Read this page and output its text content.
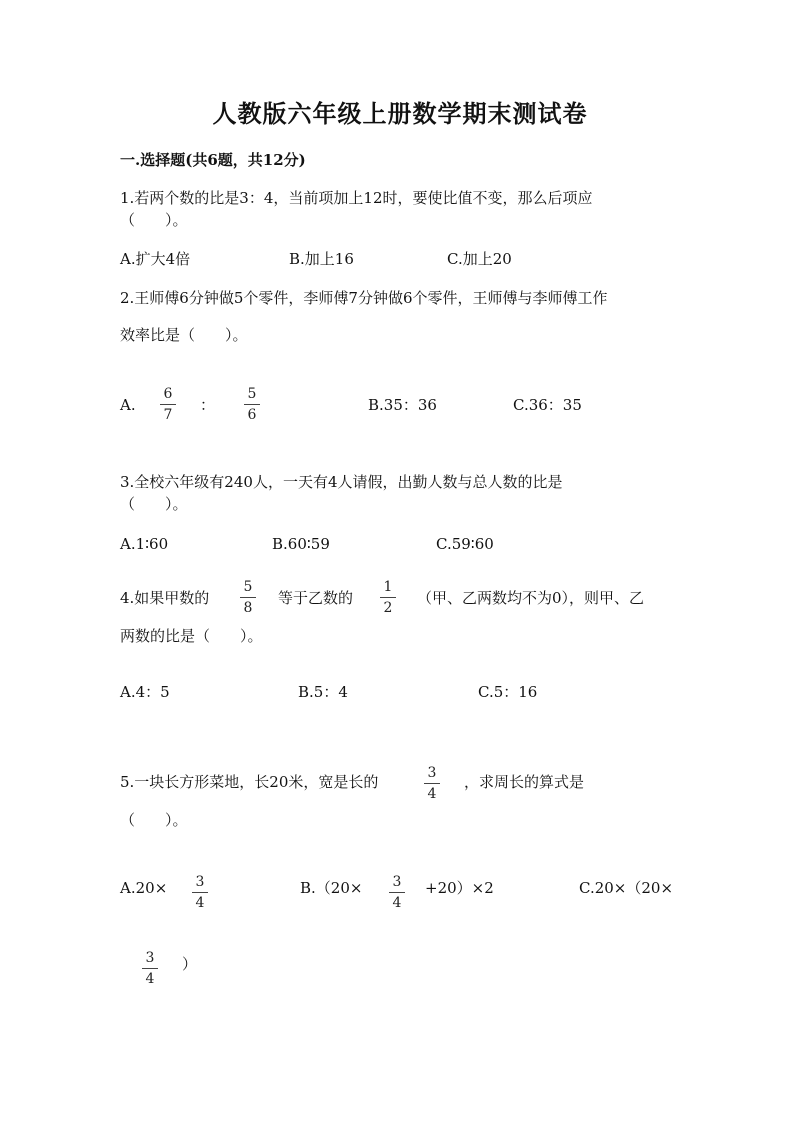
人教版六年级上册数学期末测试卷
一.选择题(共6题，共12分)
1.若两个数的比是3：4，当前项加上12时，要使比值不变，那么后项应
（　　）。
A.扩大4倍	B.加上16	C.加上20
2.王师傅6分钟做5个零件，李师傅7分钟做6个零件，王师傅与李师傅工作
效率比是（　　）。
A.
6
7
：
5
6
B.35：36	C.36：35
3.全校六年级有240人，一天有4人请假，出勤人数与总人数的比是
（　　）。
A.1∶60	B.60∶59	C.59∶60
4.如果甲数的
5
8
等于乙数的
1
2
（甲、乙两数均不为0），则甲、乙
两数的比是（　　）。
A.4：5	B.5：4	C.5：16
5.一块长方形菜地，长20米，宽是长的	3
4
，求周长的算式是
（　　）。
A.20×	3
4
B.（20×	3
4
+20）×2	C.20×（20×
3
4
）
